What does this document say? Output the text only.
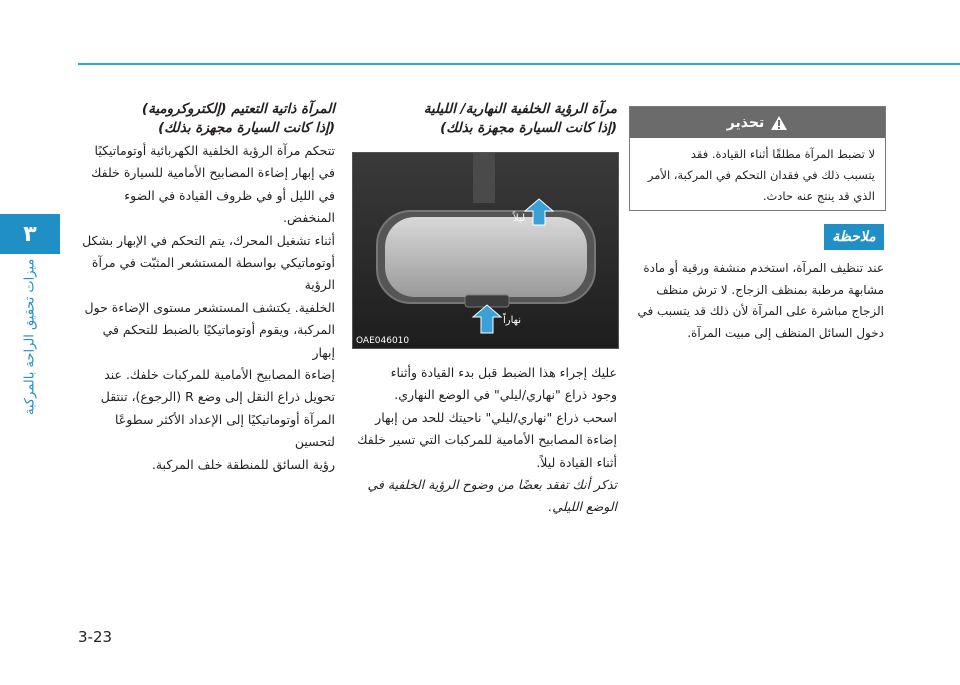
٣
ميزات تحقيق الراحة بالمركبة
3-23

المرآة ذاتية التعتيم (إلكتروكرومية)

(إذا كانت السيارة مجهزة بذلك)

تتحكم مرآة الرؤية الخلفية الكهربائية أوتوماتيكيًا

في إبهار إضاءة المصابيح الأمامية للسيارة خلفك

في الليل أو في ظروف القيادة في الضوء المنخفض.

أثناء تشغيل المحرك، يتم التحكم في الإبهار بشكل

أوتوماتيكي بواسطة المستشعر المثبّت في مرآة الرؤية

الخلفية. يكتشف المستشعر مستوى الإضاءة حول

المركبة، ويقوم أوتوماتيكيًا بالضبط للتحكم في إبهار

إضاءة المصابيح الأمامية للمركبات خلفك. عند

تحويل ذراع النقل إلى وضع R (الرجوع)، تنتقل

المرآة أوتوماتيكيًا إلى الإعداد الأكثر سطوعًا لتحسين

رؤية السائق للمنطقة خلف المركبة.

مرآة الرؤية الخلفية النهارية/ الليلية

(إذا كانت السيارة مجهزة بذلك)

ليلاً
نهاراً
OAE046010

عليك إجراء هذا الضبط قبل بدء القيادة وأثناء

وجود ذراع "نهاري/ليلي" في الوضع النهاري.

اسحب ذراع "نهاري/ليلي" ناحيتك للحد من إبهار

إضاءة المصابيح الأمامية للمركبات التي تسير خلفك

أثناء القيادة ليلاً.

تذكر أنك تفقد بعضًا من وضوح الرؤية الخلفية في

الوضع الليلي.

تحذير
لا تضبط المرآة مطلقًا أثناء القيادة. فقد
يتسبب ذلك في فقدان التحكم في المركبة، الأمر
الذي قد ينتج عنه حادث.
ملاحظة

عند تنظيف المرآة، استخدم منشفة ورقية أو مادة

مشابهة مرطبة بمنظف الزجاج. لا ترش منظف

الزجاج مباشرة على المرآة لأن ذلك قد يتسبب في

دخول السائل المنظف إلى مبيت المرآة.
